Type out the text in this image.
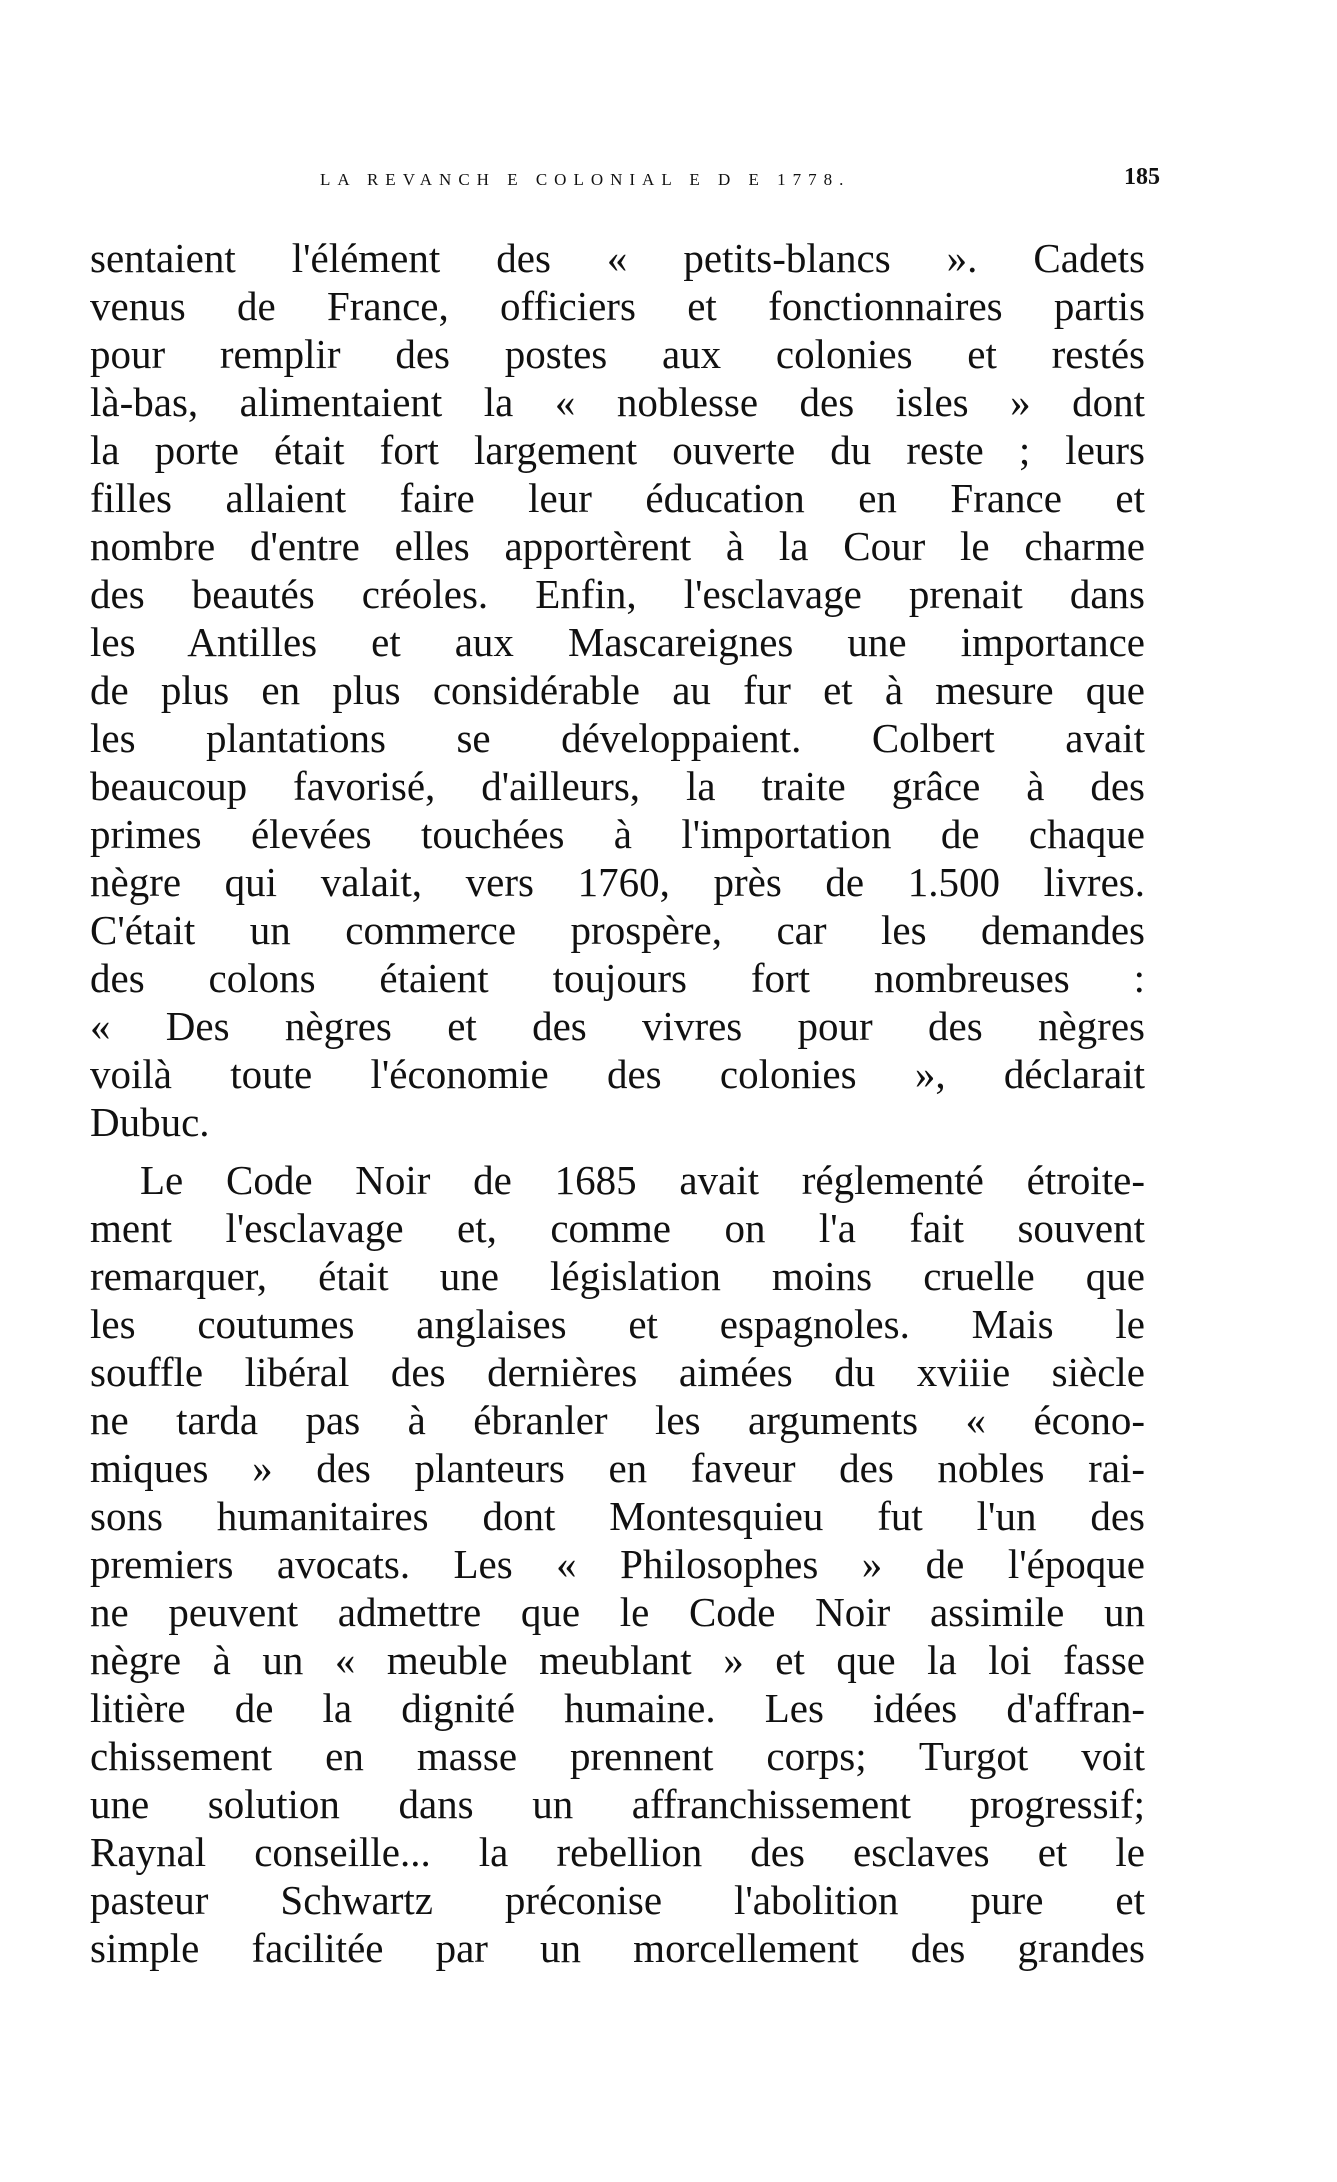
LA REVANCH E COLONIAL E D E 1778.	185
sentaient l'élément des « petits-blancs ». Cadets
venus de France, officiers et fonctionnaires partis
pour remplir des postes aux colonies et restés
là-bas, alimentaient la « noblesse des isles » dont
la porte était fort largement ouverte du reste ; leurs
filles allaient faire leur éducation en France et
nombre d'entre elles apportèrent à la Cour le charme
des beautés créoles. Enfin, l'esclavage prenait dans
les Antilles et aux Mascareignes une importance
de plus en plus considérable au fur et à mesure que
les plantations se développaient. Colbert avait
beaucoup favorisé, d'ailleurs, la traite grâce à des
primes élevées touchées à l'importation de chaque
nègre qui valait, vers 1760, près de 1.500 livres.
C'était un commerce prospère, car les demandes
des colons étaient toujours fort nombreuses :
« Des nègres et des vivres pour des nègres
voilà toute l'économie des colonies », déclarait
Dubuc.
Le Code Noir de 1685 avait réglementé étroite-
ment l'esclavage et, comme on l'a fait souvent
remarquer, était une législation moins cruelle que
les coutumes anglaises et espagnoles. Mais le
souffle libéral des dernières aimées du xviiie siècle
ne tarda pas à ébranler les arguments « écono-
miques » des planteurs en faveur des nobles rai-
sons humanitaires dont Montesquieu fut l'un des
premiers avocats. Les « Philosophes » de l'époque
ne peuvent admettre que le Code Noir assimile un
nègre à un « meuble meublant » et que la loi fasse
litière de la dignité humaine. Les idées d'affran-
chissement en masse prennent corps; Turgot voit
une solution dans un affranchissement progressif;
Raynal conseille... la rebellion des esclaves et le
pasteur Schwartz préconise l'abolition pure et
simple facilitée par un morcellement des grandes
